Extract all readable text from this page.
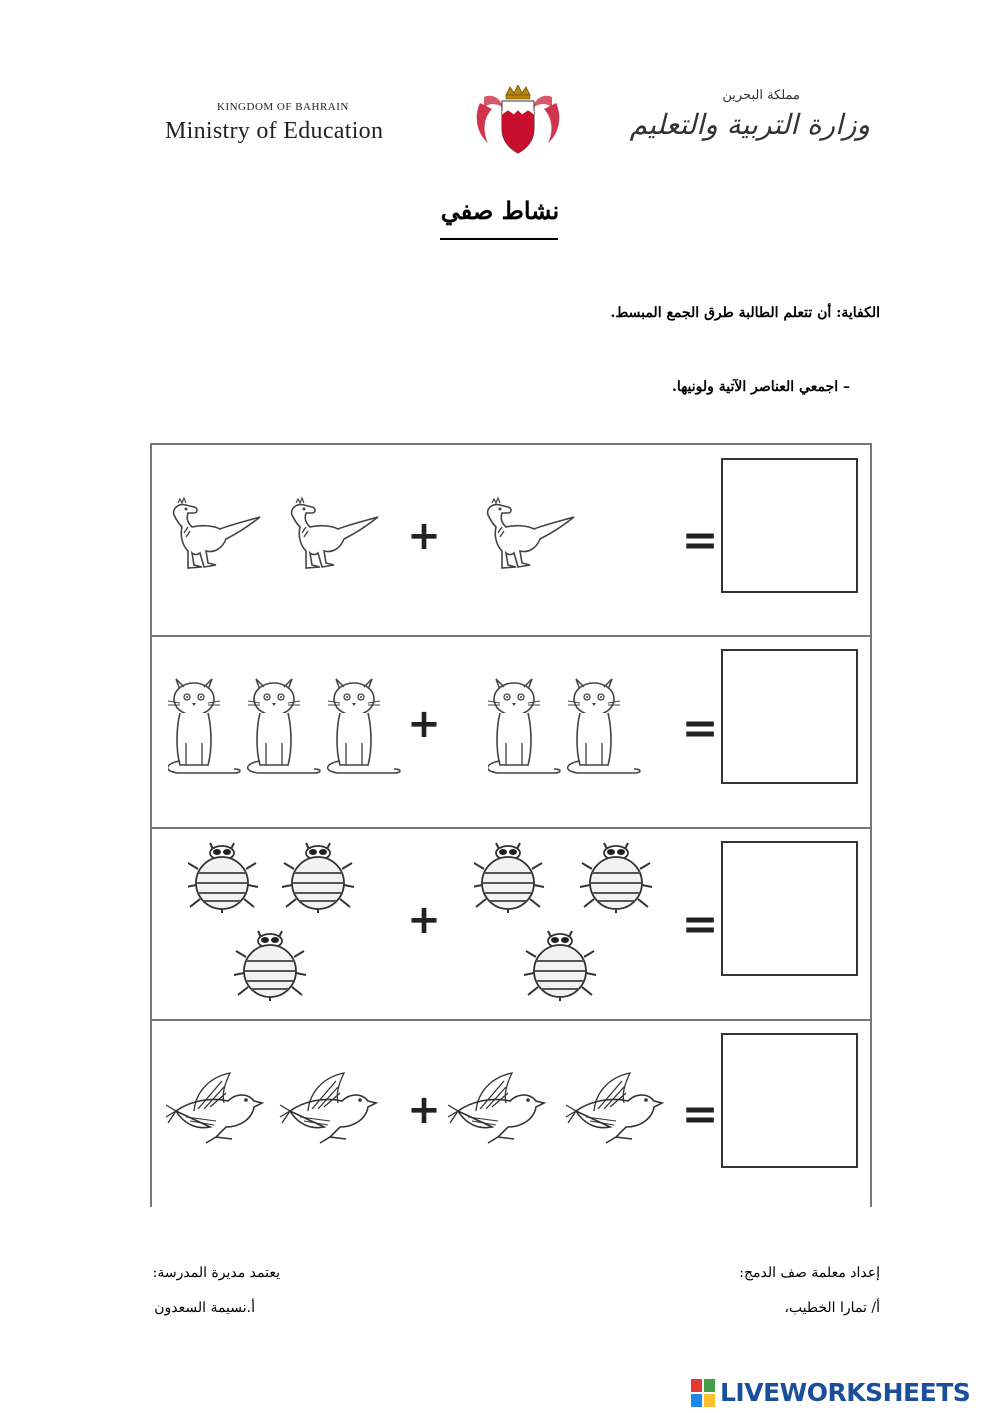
KINGDOM OF BAHRAIN
Ministry of Education
مملكة البحرين
وزارة التربية والتعليم
نشاط صفي
الكفاية: أن تتعلم الطالبة طرق الجمع المبسط.
– اجمعي العناصر الآتية ولونيها.
+	=
+	=
+	=
+	=
إعداد معلمة صف الدمج:
أ/ تمارا الخطيب،
يعتمد مديرة المدرسة:
أ.نسيمة السعدون
LIVEWORKSHEETS
